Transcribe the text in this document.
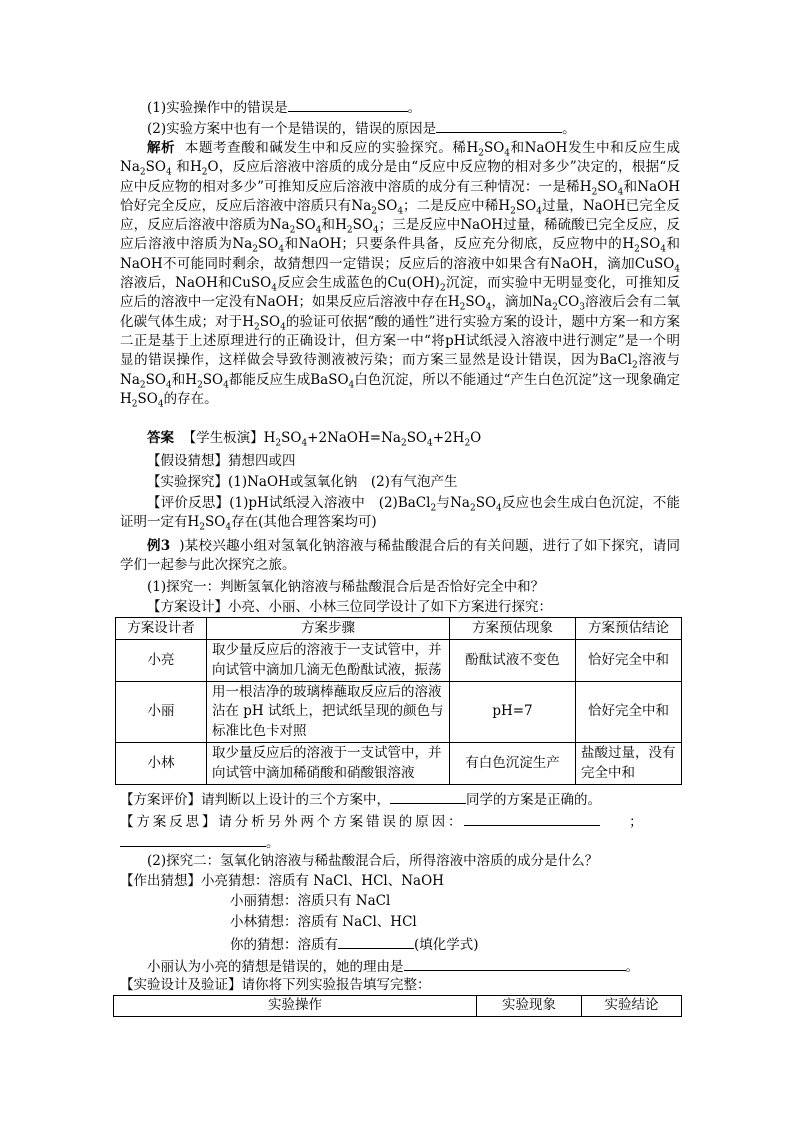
(1)实验操作中的错误是	。
(2)实验方案中也有一个是错误的，错误的原因是	。
解析 本题考查酸和碱发生中和反应的实验探究。稀$H_2SO_4$和NaOH发生中和反应生成$Na_2SO_4$ 和$H_2O$，反应后溶液中溶质的成分是由“反应中反应物的相对多少”决定的，根据“反应中反应物的相对多少”可推知反应后溶液中溶质的成分有三种情况：一是稀$H_2SO_4$和NaOH恰好完全反应，反应后溶液中溶质只有$Na_2SO_4$；二是反应中稀$H_2SO_4$过量，NaOH已完全反应，反应后溶液中溶质为$Na_2SO_4$和$H_2SO_4$；三是反应中NaOH过量，稀硫酸已完全反应，反应后溶液中溶质为$Na_2SO_4$和NaOH；只要条件具备，反应充分彻底，反应物中的$H_2SO_4$和NaOH不可能同时剩余，故猜想四一定错误；反应后的溶液中如果含有NaOH，滴加CuSO$_4$溶液后，NaOH和CuSO$_4$反应会生成蓝色的$Cu(OH)_2$沉淀，而实验中无明显变化，可推知反应后的溶液中一定没有NaOH；如果反应后溶液中存在$H_2SO_4$，滴加$Na_2CO_3$溶液后会有二氧化碳气体生成；对于$H_2SO_4$的验证可依据“酸的通性”进行实验方案的设计，题中方案一和方案二正是基于上述原理进行的正确设计，但方案一中“将pH试纸浸入溶液中进行测定”是一个明显的错误操作，这样做会导致待测液被污染；而方案三显然是设计错误，因为BaCl$_2$溶液与$Na_2SO_4$和$H_2SO_4$都能反应生成BaSO$_4$白色沉淀，所以不能通过“产生白色沉淀”这一现象确定$H_2SO_4$的存在。
答案 【学生板演】$H_2SO_4+2NaOH=Na_2SO_4+2H_2O$
【假设猜想】猜想四或四
【实验探究】(1)NaOH或氢氧化钠　(2)有气泡产生
【评价反思】(1)pH试纸浸入溶液中　(2)BaCl$_2$与$Na_2SO_4$反应也会生成白色沉淀，不能证明一定有$H_2SO_4$存在(其他合理答案均可)
例3 )某校兴趣小组对氢氧化钠溶液与稀盐酸混合后的有关问题，进行了如下探究，请同学们一起参与此次探究之旅。
(1)探究一：判断氢氧化钠溶液与稀盐酸混合后是否恰好完全中和？
【方案设计】小亮、小丽、小林三位同学设计了如下方案进行探究：
方案设计者	方案步骤	方案预估现象	方案预估结论
小亮	取少量反应后的溶液于一支试管中，并向试管中滴加几滴无色酚酞试液，振荡	酚酞试液不变色	恰好完全中和
小丽	用一根洁净的玻璃棒蘸取反应后的溶液沾在 pH 试纸上，把试纸呈现的颜色与标准比色卡对照	pH=7	恰好完全中和
小林	取少量反应后的溶液于一支试管中，并向试管中滴加稀硝酸和硝酸银溶液	有白色沉淀生产	盐酸过量，没有完全中和
【方案评价】请判断以上设计的三个方案中，	同学的方案是正确的。
【方案反思】请分析另外两个方案错误的原因：	；
。
(2)探究二：氢氧化钠溶液与稀盐酸混合后，所得溶液中溶质的成分是什么？
【作出猜想】小亮猜想：溶质有 NaCl、HCl、NaOH
小丽猜想：溶质只有 NaCl
小林猜想：溶质有 NaCl、HCl
你的猜想：溶质有	(填化学式)
小丽认为小亮的猜想是错误的，她的理由是	。
【实验设计及验证】请你将下列实验报告填写完整：
实验操作	实验现象	实验结论
